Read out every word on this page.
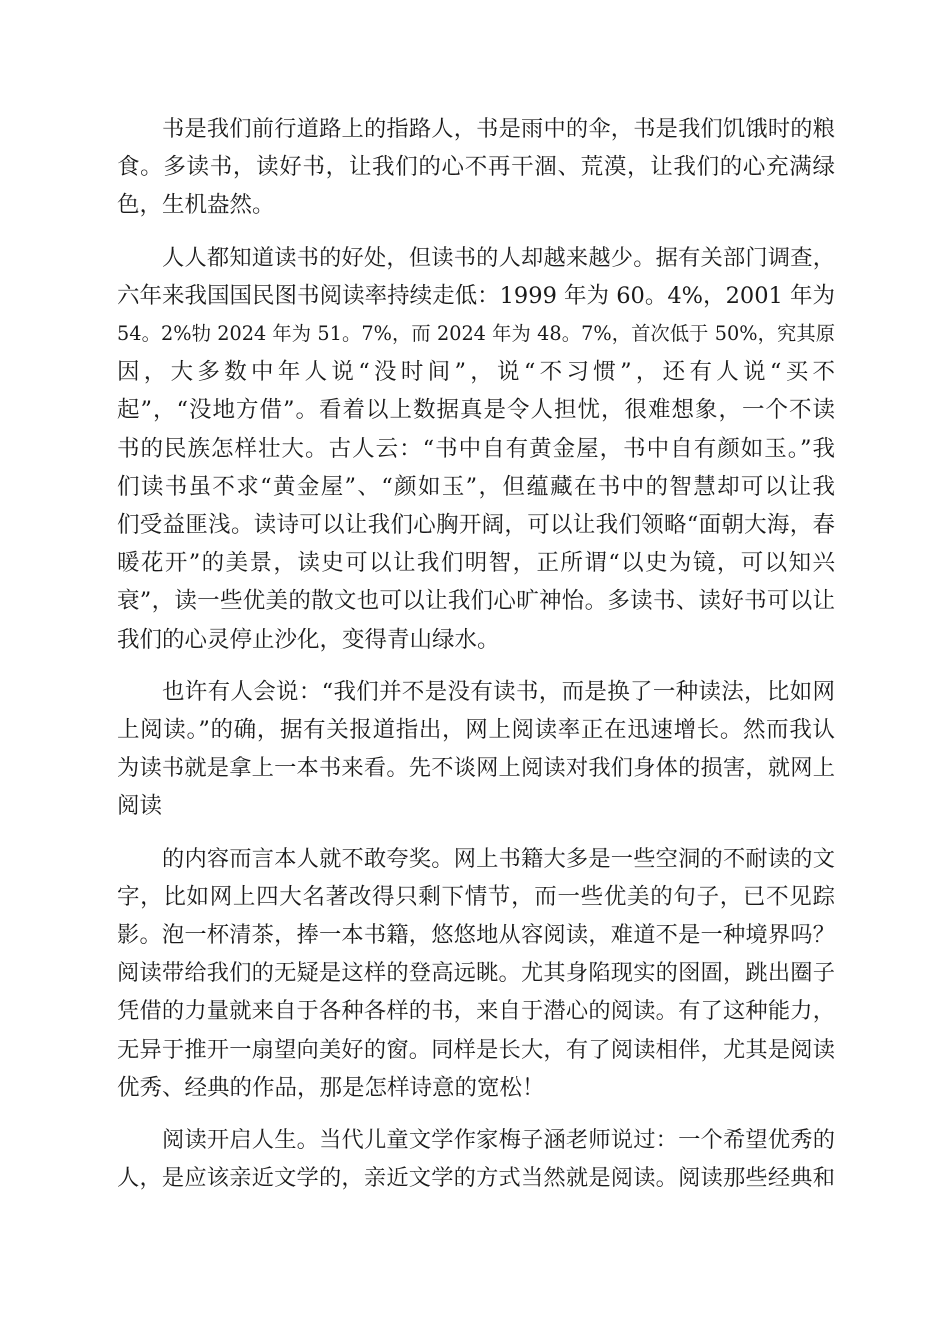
书是我们前行道路上的指路人，书是雨中的伞，书是我们饥饿时的粮
食。多读书，读好书，让我们的心不再干涸、荒漠，让我们的心充满绿
色，生机盎然。
人人都知道读书的好处，但读书的人却越来越少。据有关部门调查，
六年来我国国民图书阅读率持续走低：1999 年为 60。4%，2001 年为
54。2%牞 2024 年为 51。7%，而 2024 年为 48。7%，首次低于 50%，究其原
因，大多数中年人说“没时间”，说“不习惯”，还有人说“买不
起”，“没地方借”。看着以上数据真是令人担忧，很难想象，一个不读
书的民族怎样壮大。古人云：“书中自有黄金屋，书中自有颜如玉。”我
们读书虽不求“黄金屋”、“颜如玉”，但蕴藏在书中的智慧却可以让我
们受益匪浅。读诗可以让我们心胸开阔，可以让我们领略“面朝大海，春
暖花开”的美景，读史可以让我们明智，正所谓“以史为镜，可以知兴
衰”，读一些优美的散文也可以让我们心旷神怡。多读书、读好书可以让
我们的心灵停止沙化，变得青山绿水。
也许有人会说：“我们并不是没有读书，而是换了一种读法，比如网
上阅读。”的确，据有关报道指出，网上阅读率正在迅速增长。然而我认
为读书就是拿上一本书来看。先不谈网上阅读对我们身体的损害，就网上
阅读
的内容而言本人就不敢夸奖。网上书籍大多是一些空洞的不耐读的文
字，比如网上四大名著改得只剩下情节，而一些优美的句子，已不见踪
影。泡一杯清茶，捧一本书籍，悠悠地从容阅读，难道不是一种境界吗？
阅读带给我们的无疑是这样的登高远眺。尤其身陷现实的囹圄，跳出圈子
凭借的力量就来自于各种各样的书，来自于潜心的阅读。有了这种能力，
无异于推开一扇望向美好的窗。同样是长大，有了阅读相伴，尤其是阅读
优秀、经典的作品，那是怎样诗意的宽松！
阅读开启人生。当代儿童文学作家梅子涵老师说过：一个希望优秀的
人，是应该亲近文学的，亲近文学的方式当然就是阅读。阅读那些经典和
